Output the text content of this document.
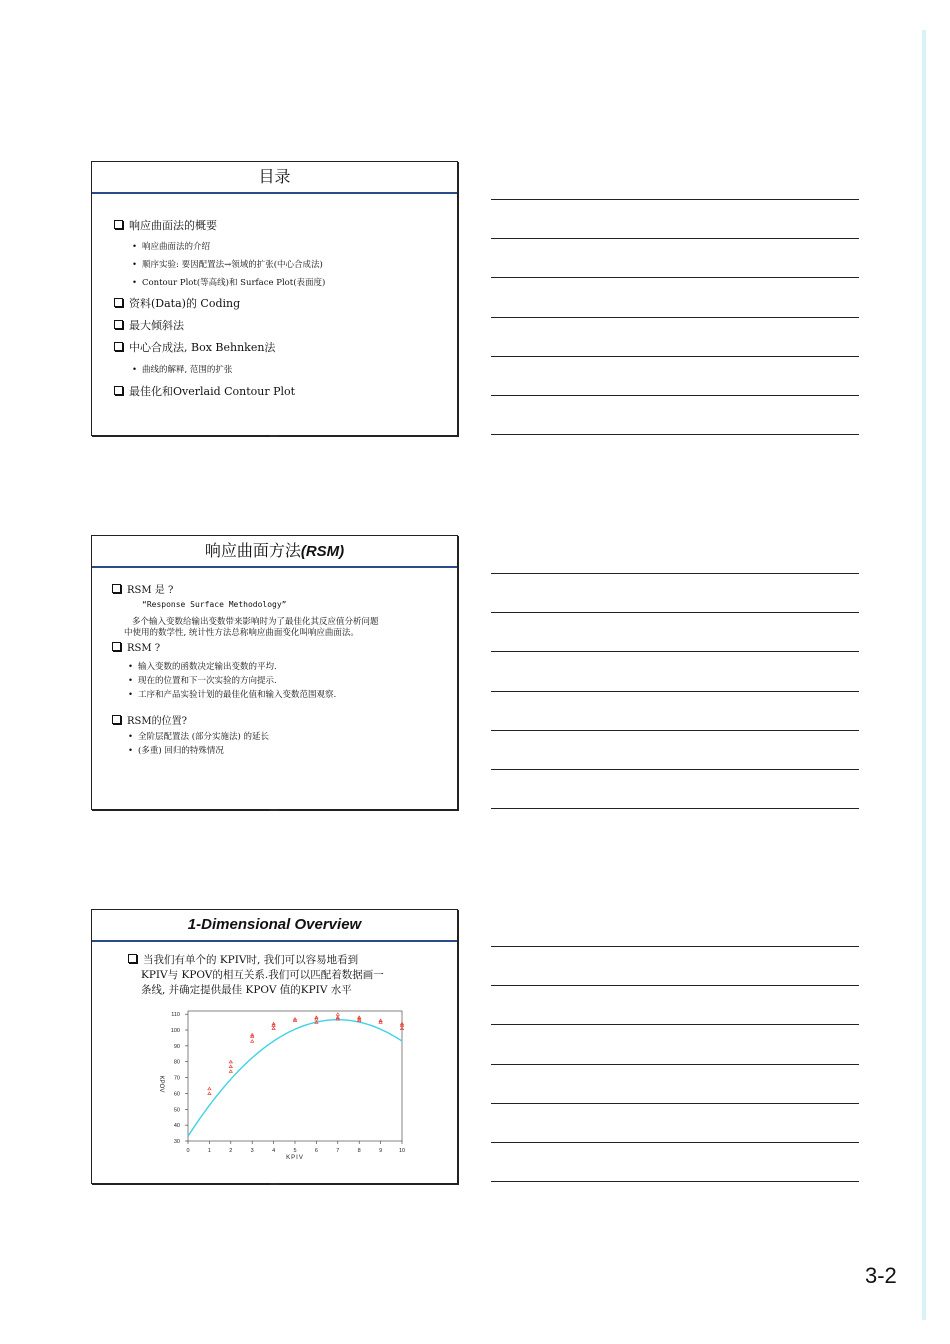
目录
响应曲面法的概要
• 响应曲面法的介绍
• 顺序实验: 要因配置法→领域的扩张(中心合成法)
• Contour Plot(等高线)和 Surface Plot(表面度)
资料(Data)的 Coding
最大倾斜法
中心合成法, Box Behnken法
• 曲线的解释, 范围的扩张
最佳化和Overlaid Contour Plot
RSM-4
响应曲面方法(RSM)
RSM 是 ?
“Response Surface Methodology”
多个输入变数给输出变数带来影响时为了最佳化其反应值分析问题
中使用的数学性, 统计性方法总称响应曲面变化叫响应曲面法。
RSM ?
• 输入变数的函数决定输出变数的平均.
• 现在的位置和下一次实验的方向提示.
• 工序和产品实验计划的最佳化值和输入变数范围观察.
RSM的位置?
• 全阶层配置法 (部分实施法) 的延长
• (多重) 回归的特殊情况
RSM-3
1-Dimensional Overview
当我们有单个的 KPIV时, 我们可以容易地看到
KPIV与 KPOV的相互关系.我们可以匹配着数据画一
条线, 并确定提供最佳 KPOV 值的KPIV 水平
30
40
50
60
70
80
90
100
110
0	1	2	3	4	5	6	7	8	9	10
KPIV
KPOV
RSM-5
3-2
